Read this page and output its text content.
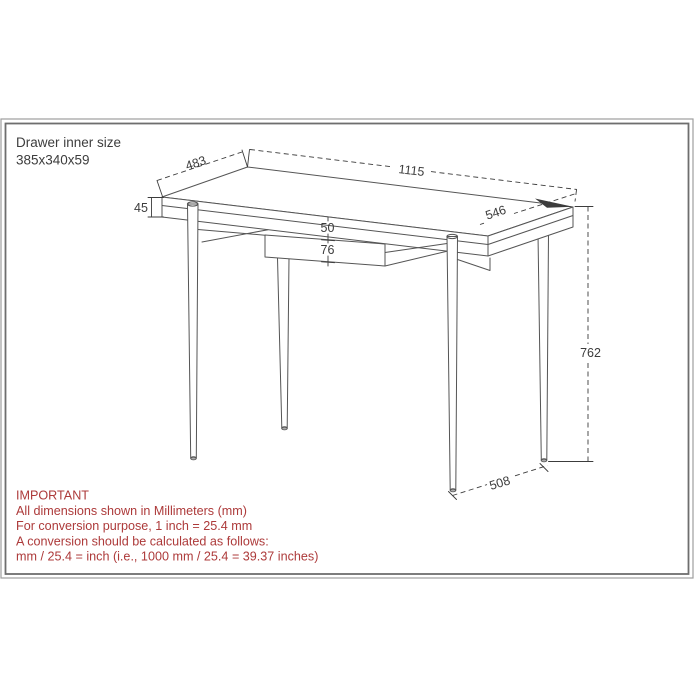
Drawer inner size
385x340x59	483	1115
45	546
50
76
762
508
IMPORTANT
All dimensions shown in Millimeters (mm)
For conversion purpose, 1 inch = 25.4 mm
A conversion should be calculated as follows:
mm / 25.4 = inch (i.e., 1000 mm / 25.4 = 39.37 inches)
